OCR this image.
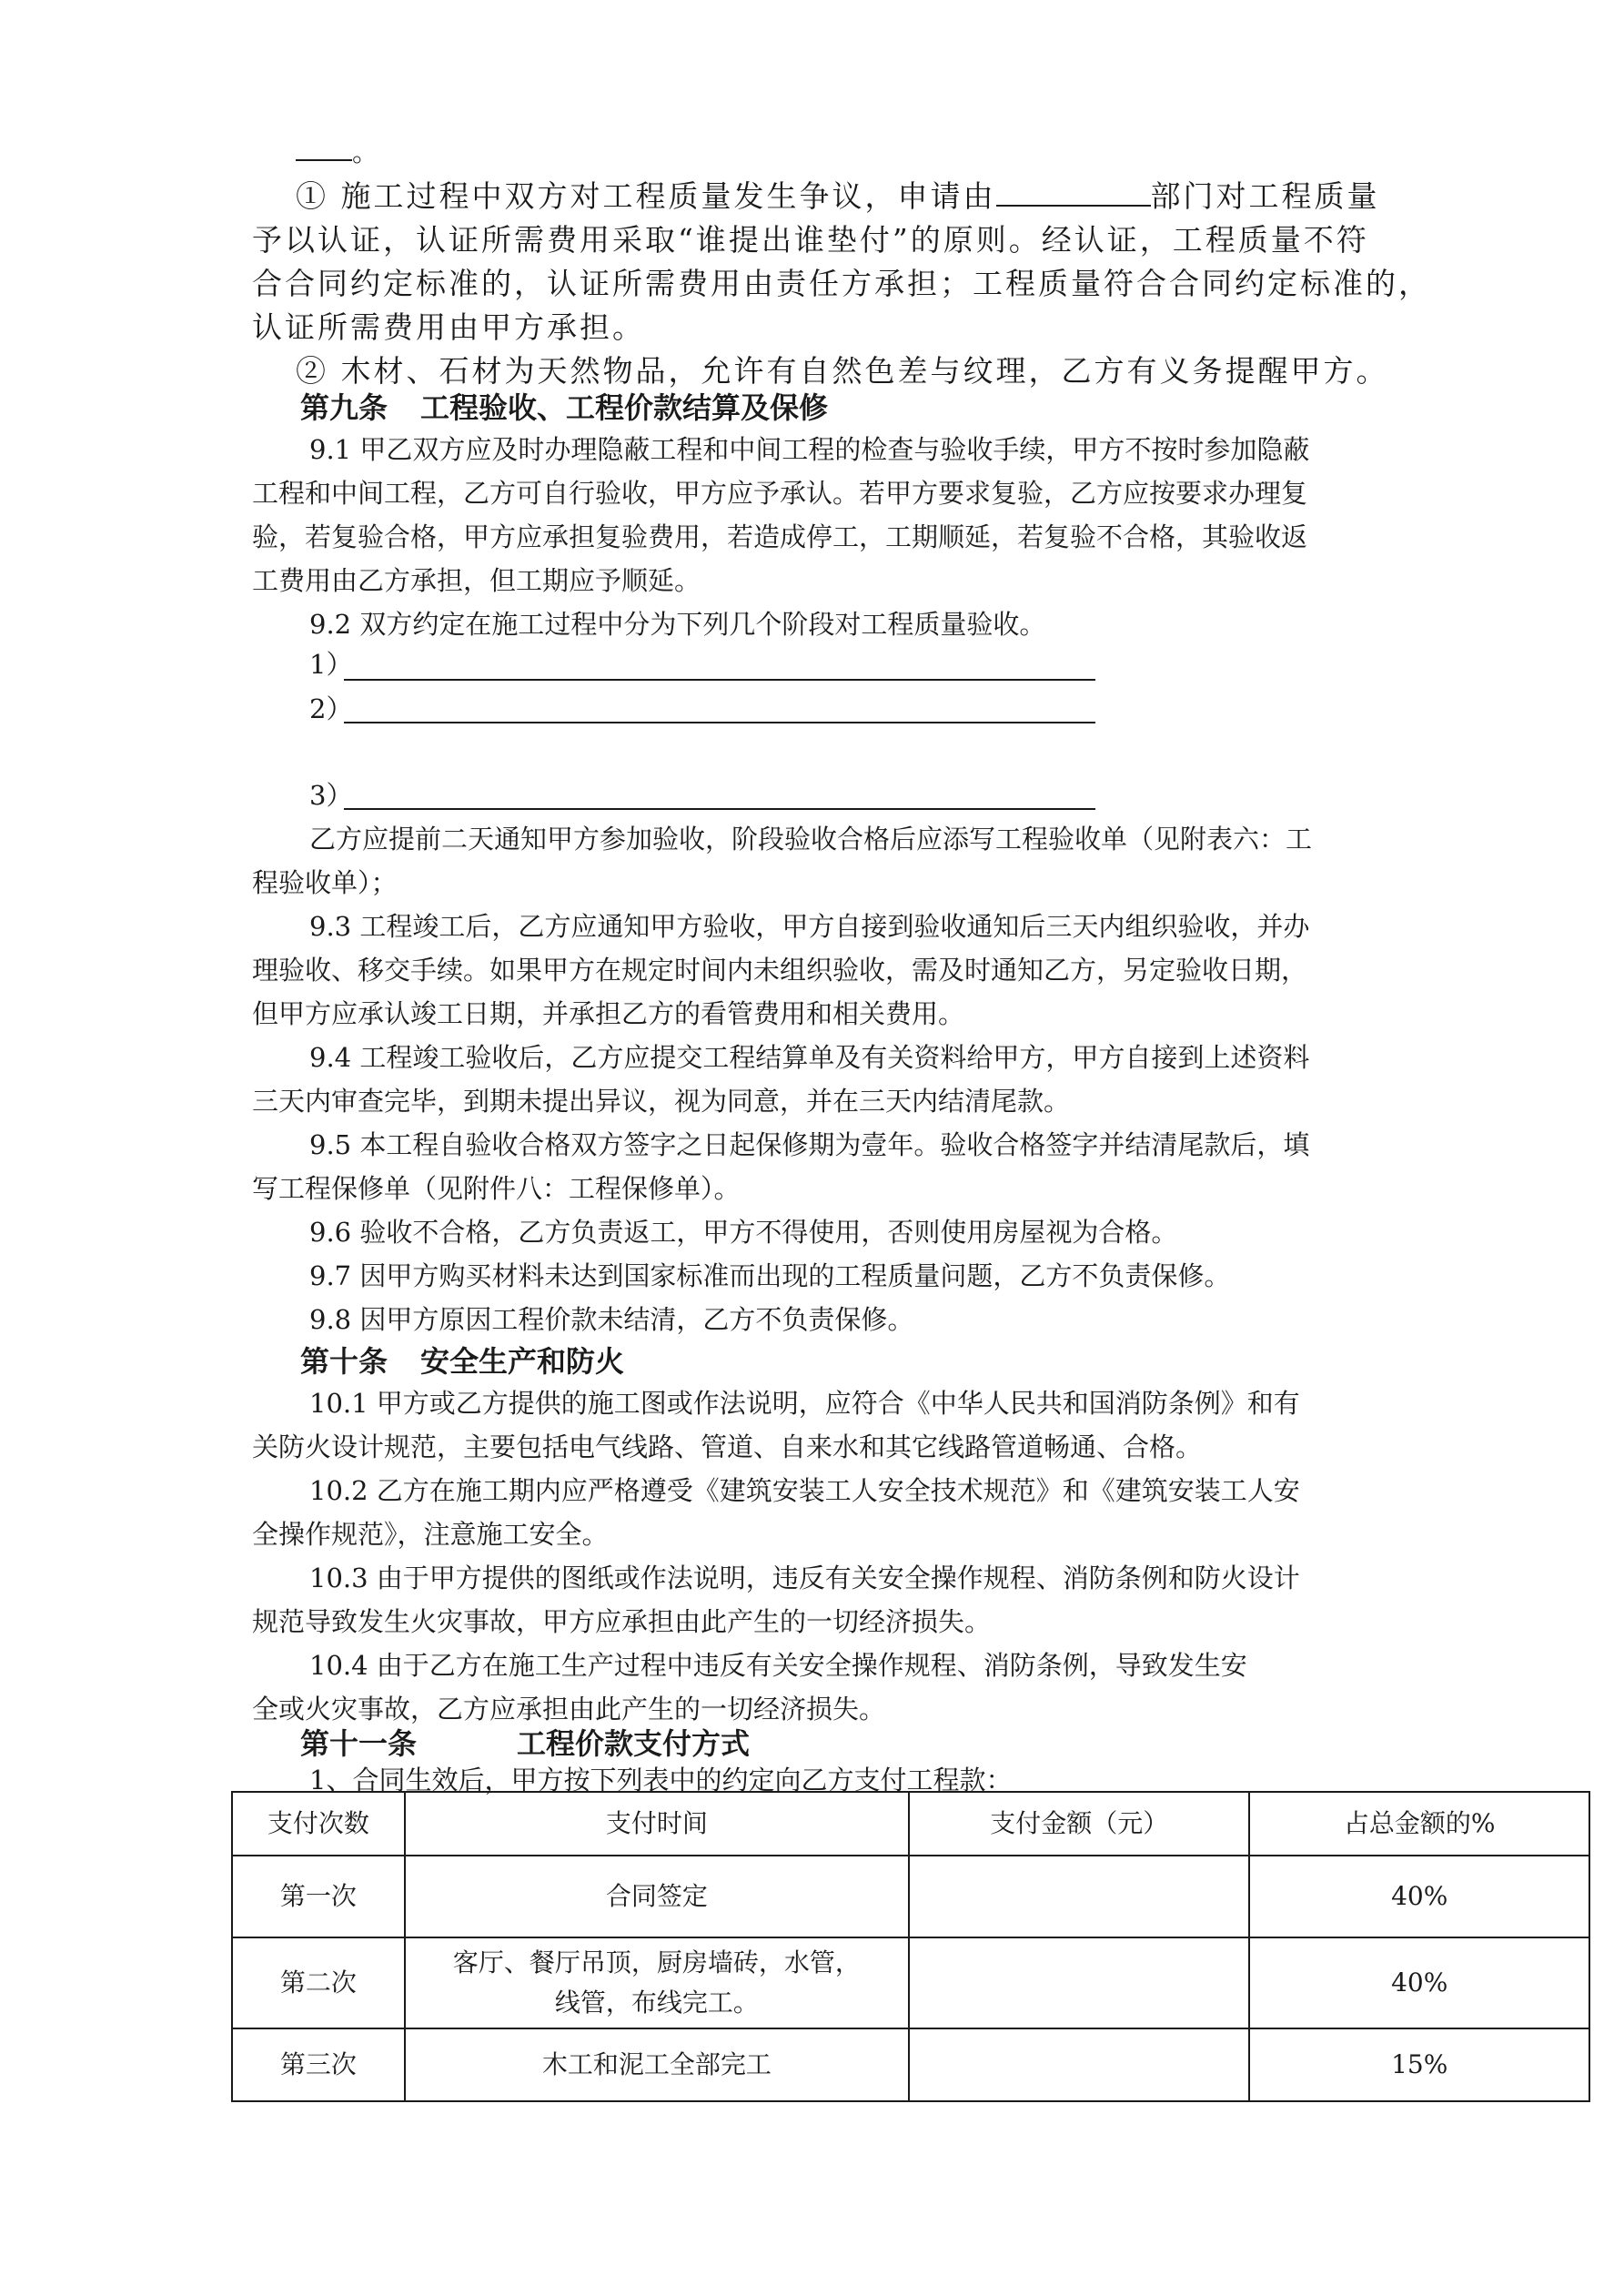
。
① 施工过程中双方对工程质量发生争议，申请由	部门对工程质量
予以认证，认证所需费用采取“谁提出谁垫付”的原则。经认证，工程质量不符
合合同约定标准的，认证所需费用由责任方承担；工程质量符合合同约定标准的，
认证所需费用由甲方承担。
② 木材、石材为天然物品，允许有自然色差与纹理，乙方有义务提醒甲方。
第九条 工程验收、工程价款结算及保修
9.1 甲乙双方应及时办理隐蔽工程和中间工程的检查与验收手续，甲方不按时参加隐蔽
工程和中间工程，乙方可自行验收，甲方应予承认。若甲方要求复验，乙方应按要求办理复
验，若复验合格，甲方应承担复验费用，若造成停工，工期顺延，若复验不合格，其验收返
工费用由乙方承担，但工期应予顺延。
9.2 双方约定在施工过程中分为下列几个阶段对工程质量验收。
1）
2）
3）
乙方应提前二天通知甲方参加验收，阶段验收合格后应添写工程验收单（见附表六：工
程验收单）；
9.3 工程竣工后，乙方应通知甲方验收，甲方自接到验收通知后三天内组织验收，并办
理验收、移交手续。如果甲方在规定时间内未组织验收，需及时通知乙方，另定验收日期，
但甲方应承认竣工日期，并承担乙方的看管费用和相关费用。
9.4 工程竣工验收后，乙方应提交工程结算单及有关资料给甲方，甲方自接到上述资料
三天内审查完毕，到期未提出异议，视为同意，并在三天内结清尾款。
9.5 本工程自验收合格双方签字之日起保修期为壹年。验收合格签字并结清尾款后，填
写工程保修单（见附件八：工程保修单）。
9.6 验收不合格，乙方负责返工，甲方不得使用，否则使用房屋视为合格。
9.7 因甲方购买材料未达到国家标准而出现的工程质量问题，乙方不负责保修。
9.8 因甲方原因工程价款未结清，乙方不负责保修。
第十条 安全生产和防火
10.1 甲方或乙方提供的施工图或作法说明，应符合《中华人民共和国消防条例》和有
关防火设计规范，主要包括电气线路、管道、自来水和其它线路管道畅通、合格。
10.2 乙方在施工期内应严格遵受《建筑安装工人安全技术规范》和《建筑安装工人安
全操作规范》，注意施工安全。
10.3 由于甲方提供的图纸或作法说明，违反有关安全操作规程、消防条例和防火设计
规范导致发生火灾事故，甲方应承担由此产生的一切经济损失。
10.4 由于乙方在施工生产过程中违反有关安全操作规程、消防条例，导致发生安
全或火灾事故，乙方应承担由此产生的一切经济损失。
第十一条	工程价款支付方式
1、合同生效后，甲方按下列表中的约定向乙方支付工程款：
支付次数	支付时间	支付金额（元）	占总金额的%
第一次	合同签定		40%
第二次	客厅、餐厅吊顶，厨房墙砖，水管，
线管，布线完工。		40%
第三次	木工和泥工全部完工		15%
